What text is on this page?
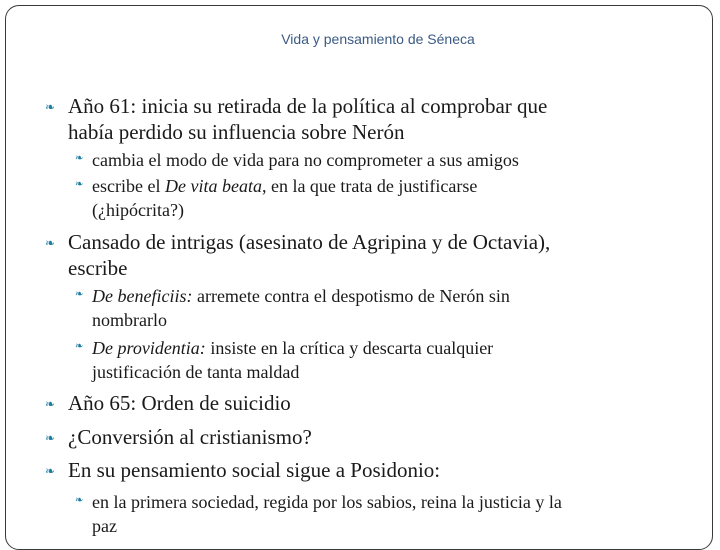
Vida y pensamiento de Séneca
❧ Año 61: inicia su retirada de la política al comprobar que
había perdido su influencia sobre Nerón
❧ cambia el modo de vida para no comprometer a sus amigos
❧ escribe el De vita beata, en la que trata de justificarse
(¿hipócrita?)
❧ Cansado de intrigas (asesinato de Agripina y de Octavia),
escribe
❧ De beneficiis: arremete contra el despotismo de Nerón sin
nombrarlo
❧ De providentia: insiste en la crítica y descarta cualquier
justificación de tanta maldad
❧ Año 65: Orden de suicidio
❧ ¿Conversión al cristianismo?
❧ En su pensamiento social sigue a Posidonio:
❧ en la primera sociedad, regida por los sabios, reina la justicia y la
paz
